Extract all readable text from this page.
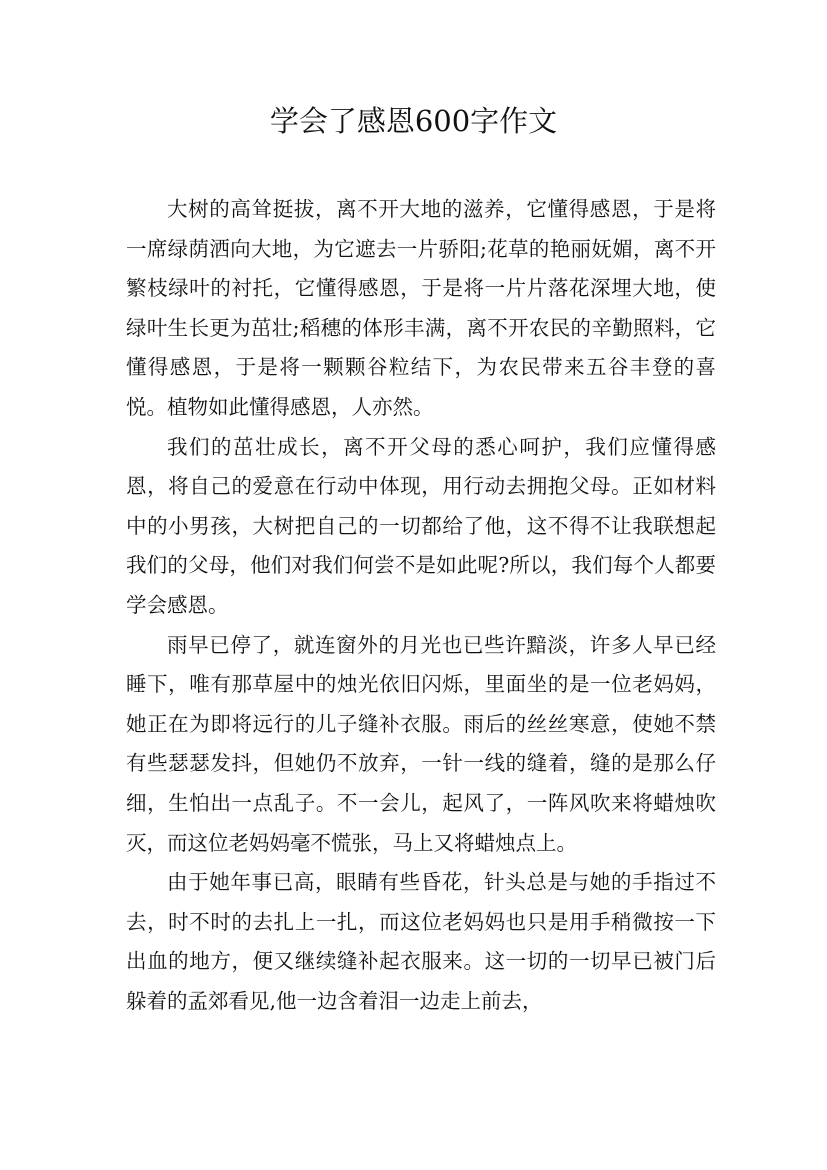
学会了感恩600字作文

大树的高耸挺拔，离不开大地的滋养，它懂得感恩，于是将一席绿荫洒向大地，为它遮去一片骄阳;花草的艳丽妩媚，离不开繁枝绿叶的衬托，它懂得感恩，于是将一片片落花深埋大地，使绿叶生长更为茁壮;稻穗的体形丰满，离不开农民的辛勤照料，它懂得感恩，于是将一颗颗谷粒结下，为农民带来五谷丰登的喜悦。植物如此懂得感恩，人亦然。

我们的茁壮成长，离不开父母的悉心呵护，我们应懂得感恩，将自己的爱意在行动中体现，用行动去拥抱父母。正如材料中的小男孩，大树把自己的一切都给了他，这不得不让我联想起我们的父母，他们对我们何尝不是如此呢?所以，我们每个人都要学会感恩。

雨早已停了，就连窗外的月光也已些许黯淡，许多人早已经睡下，唯有那草屋中的烛光依旧闪烁，里面坐的是一位老妈妈，她正在为即将远行的儿子缝补衣服。雨后的丝丝寒意，使她不禁有些瑟瑟发抖，但她仍不放弃，一针一线的缝着，缝的是那么仔细，生怕出一点乱子。不一会儿，起风了，一阵风吹来将蜡烛吹灭，而这位老妈妈毫不慌张，马上又将蜡烛点上。

由于她年事已高，眼睛有些昏花，针头总是与她的手指过不去，时不时的去扎上一扎，而这位老妈妈也只是用手稍微按一下出血的地方，便又继续缝补起衣服来。这一切的一切早已被门后躲着的孟郊看见,他一边含着泪一边走上前去，
